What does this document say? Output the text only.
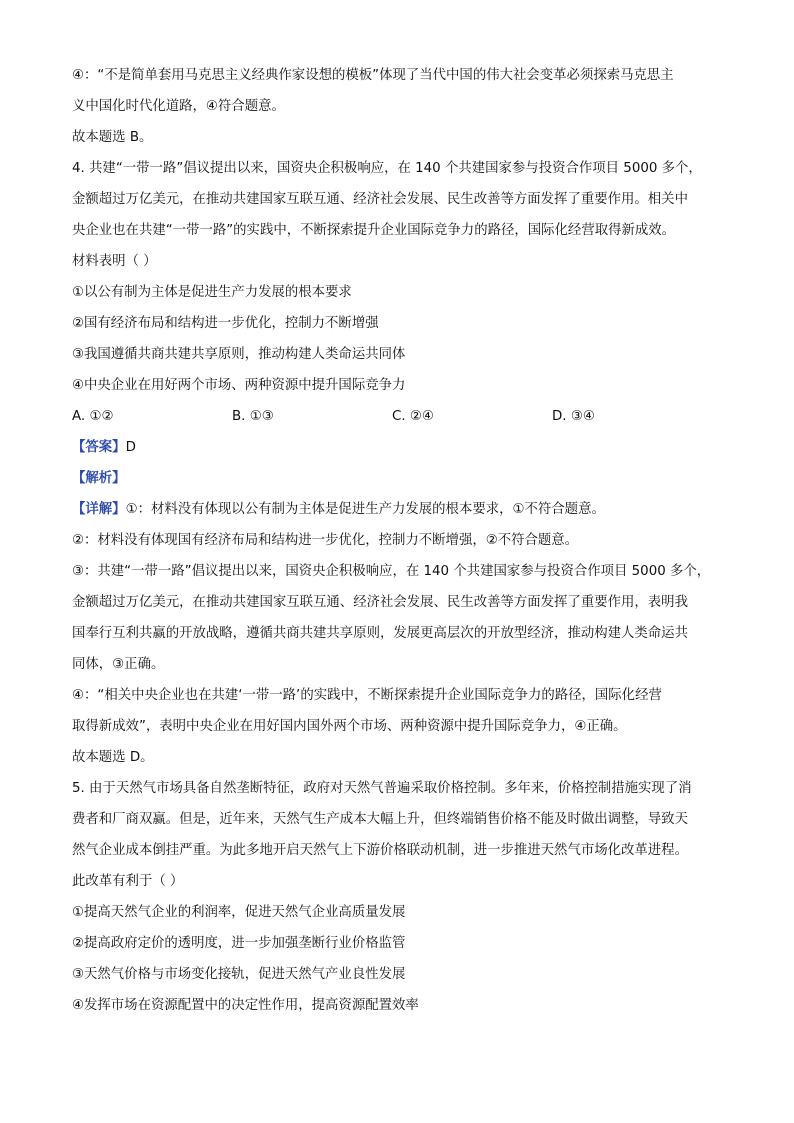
④：“不是简单套用马克思主义经典作家设想的模板”体现了当代中国的伟大社会变革必须探索马克思主
义中国化时代化道路，④符合题意。
故本题选 B。
4. 共建“一带一路”倡议提出以来，国资央企积极响应，在 140 个共建国家参与投资合作项目 5000 多个，
金额超过万亿美元，在推动共建国家互联互通、经济社会发展、民生改善等方面发挥了重要作用。相关中
央企业也在共建“一带一路”的实践中，不断探索提升企业国际竞争力的路径，国际化经营取得新成效。
材料表明（ ）
①以公有制为主体是促进生产力发展的根本要求
②国有经济布局和结构进一步优化，控制力不断增强
③我国遵循共商共建共享原则，推动构建人类命运共同体
④中央企业在用好两个市场、两种资源中提升国际竞争力
A. ①②	B. ①③	C. ②④	D. ③④
【答案】D
【解析】
【详解】①：材料没有体现以公有制为主体是促进生产力发展的根本要求，①不符合题意。
②：材料没有体现国有经济布局和结构进一步优化，控制力不断增强，②不符合题意。
③：共建“一带一路”倡议提出以来，国资央企积极响应，在 140 个共建国家参与投资合作项目 5000 多个，
金额超过万亿美元，在推动共建国家互联互通、经济社会发展、民生改善等方面发挥了重要作用，表明我
国奉行互利共赢的开放战略，遵循共商共建共享原则，发展更高层次的开放型经济，推动构建人类命运共
同体，③正确。
④：“相关中央企业也在共建‘一带一路’的实践中，不断探索提升企业国际竞争力的路径，国际化经营
取得新成效”，表明中央企业在用好国内国外两个市场、两种资源中提升国际竞争力，④正确。
故本题选 D。
5. 由于天然气市场具备自然垄断特征，政府对天然气普遍采取价格控制。多年来，价格控制措施实现了消
费者和厂商双赢。但是，近年来，天然气生产成本大幅上升，但终端销售价格不能及时做出调整，导致天
然气企业成本倒挂严重。为此多地开启天然气上下游价格联动机制，进一步推进天然气市场化改革进程。
此改革有利于（ ）
①提高天然气企业的利润率，促进天然气企业高质量发展
②提高政府定价的透明度，进一步加强垄断行业价格监管
③天然气价格与市场变化接轨，促进天然气产业良性发展
④发挥市场在资源配置中的决定性作用，提高资源配置效率
